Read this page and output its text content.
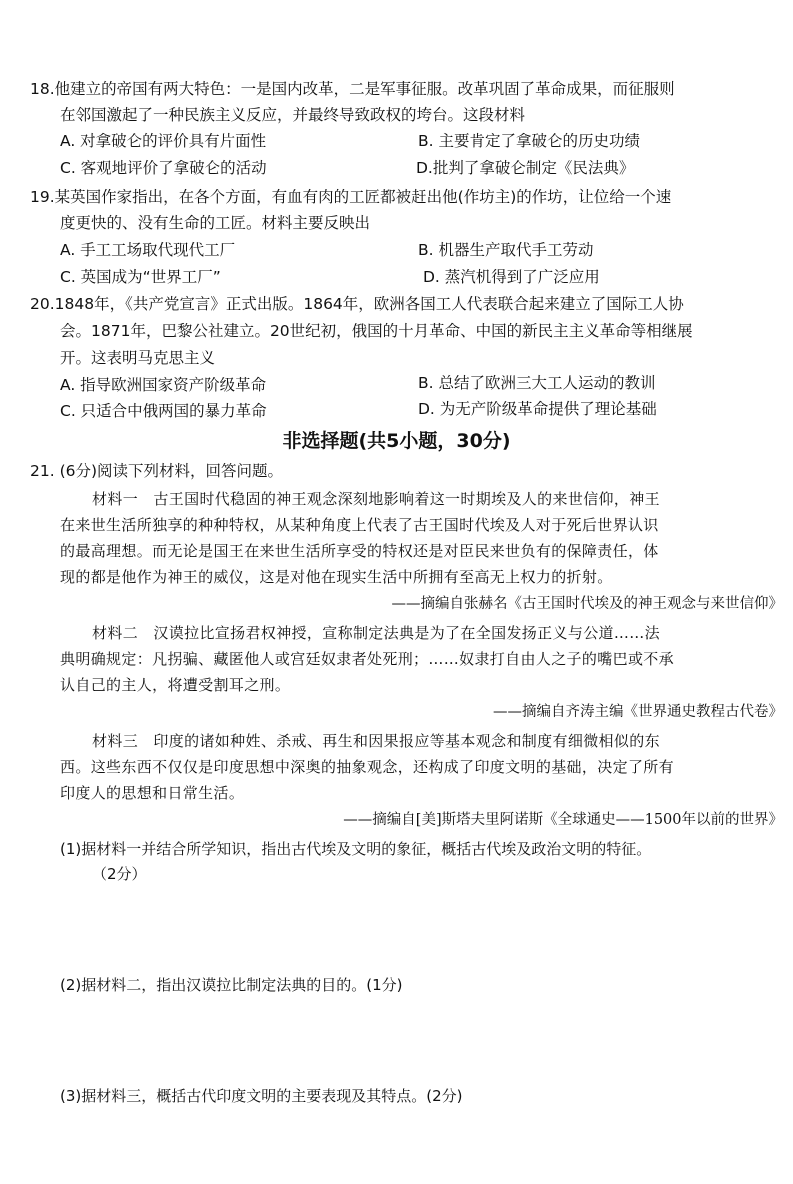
18.他建立的帝国有两大特色：一是国内改革，二是军事征服。改革巩固了革命成果，而征服则
在邻国激起了一种民族主义反应，并最终导致政权的垮台。这段材料
A. 对拿破仑的评价具有片面性	B. 主要肯定了拿破仑的历史功绩
C. 客观地评价了拿破仑的活动	D.批判了拿破仑制定《民法典》
19.某英国作家指出，在各个方面，有血有肉的工匠都被赶出他(作坊主)的作坊，让位给一个速
度更快的、没有生命的工匠。材料主要反映出
A. 手工工场取代现代工厂	B. 机器生产取代手工劳动
C. 英国成为“世界工厂”	D. 蒸汽机得到了广泛应用
20.1848年，《共产党宣言》正式出版。1864年，欧洲各国工人代表联合起来建立了国际工人协
会。1871年，巴黎公社建立。20世纪初，俄国的十月革命、中国的新民主主义革命等相继展
开。这表明马克思主义
A. 指导欧洲国家资产阶级革命	B. 总结了欧洲三大工人运动的教训
C. 只适合中俄两国的暴力革命	D. 为无产阶级革命提供了理论基础
非选择题(共5小题，30分)
21. (6分)阅读下列材料，回答问题。
材料一　古王国时代稳固的神王观念深刻地影响着这一时期埃及人的来世信仰，神王
在来世生活所独享的种种特权，从某种角度上代表了古王国时代埃及人对于死后世界认识
的最高理想。而无论是国王在来世生活所享受的特权还是对臣民来世负有的保障责任，体
现的都是他作为神王的威仪，这是对他在现实生活中所拥有至高无上权力的折射。
——摘编自张赫名《古王国时代埃及的神王观念与来世信仰》
材料二　汉谟拉比宣扬君权神授，宣称制定法典是为了在全国发扬正义与公道……法
典明确规定：凡拐骗、藏匿他人或宫廷奴隶者处死刑；……奴隶打自由人之子的嘴巴或不承
认自己的主人，将遭受割耳之刑。
——摘编自齐涛主编《世界通史教程古代卷》
材料三　印度的诸如种姓、杀戒、再生和因果报应等基本观念和制度有细微相似的东
西。这些东西不仅仅是印度思想中深奥的抽象观念，还构成了印度文明的基础，决定了所有
印度人的思想和日常生活。
——摘编自[美]斯塔夫里阿诺斯《全球通史——1500年以前的世界》
(1)据材料一并结合所学知识，指出古代埃及文明的象征，概括古代埃及政治文明的特征。
（2分）
(2)据材料二，指出汉谟拉比制定法典的目的。(1分)
(3)据材料三，概括古代印度文明的主要表现及其特点。(2分)
